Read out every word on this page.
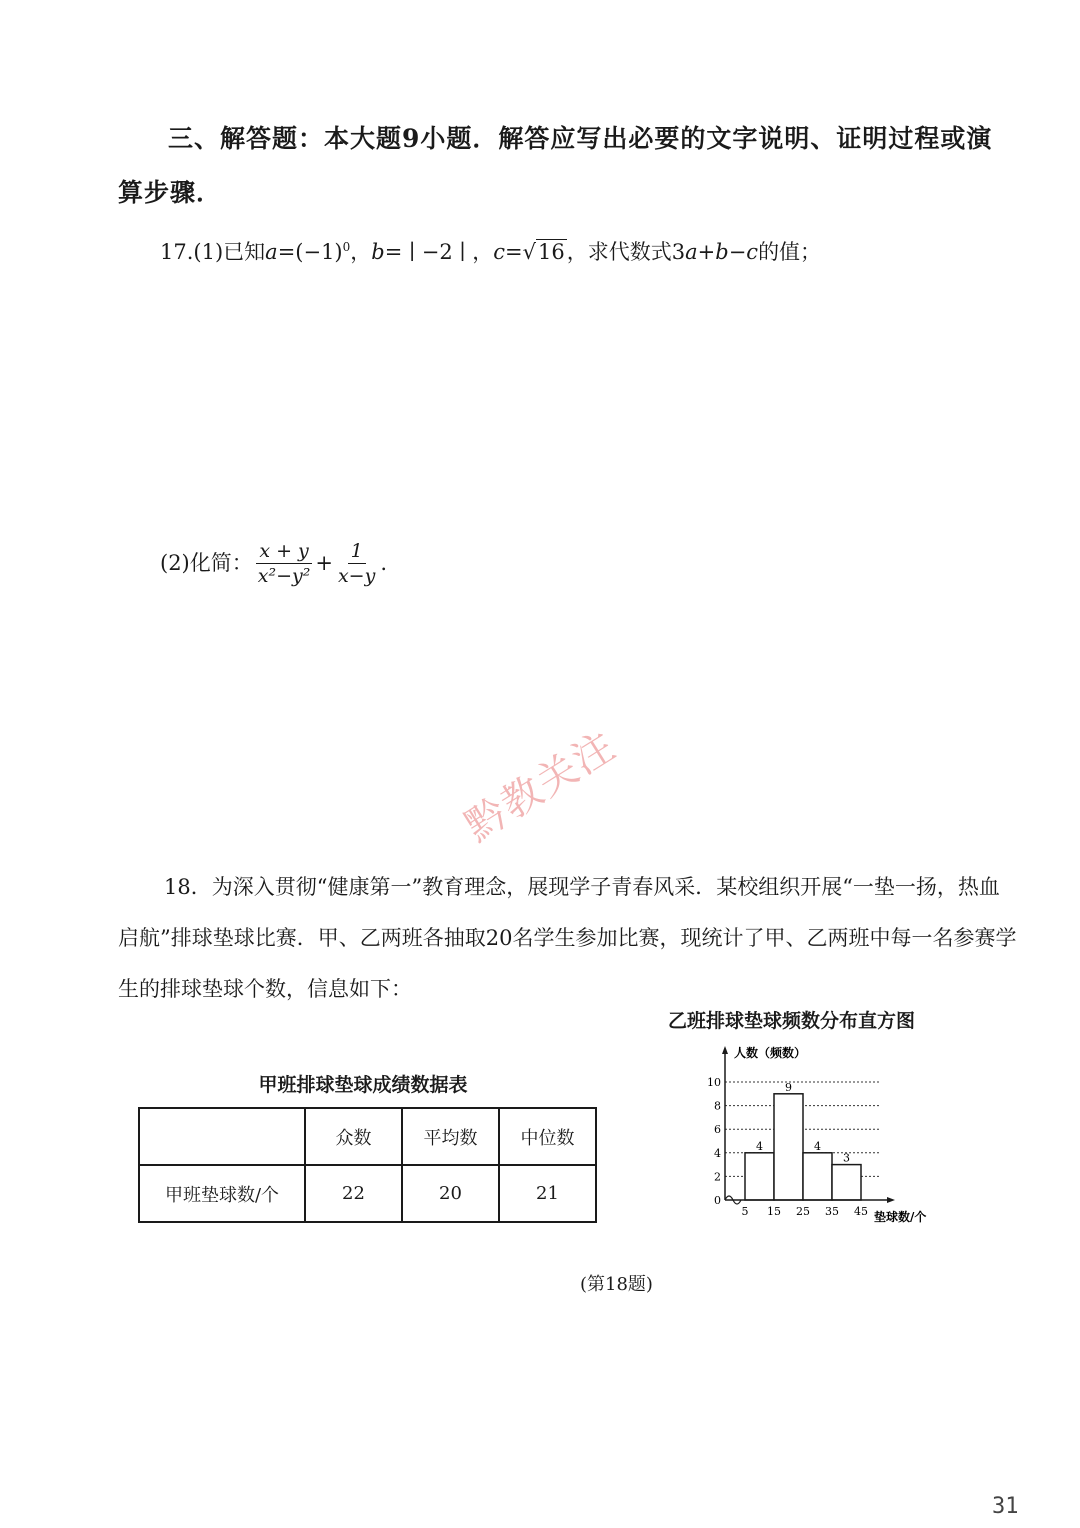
三、解答题：本大题9小题．解答应写出必要的文字说明、证明过程或演算步骤．
17.(1)已知$a=(-1)^0$，b= ∣ −2 ∣ ，c=√16，求代数式3a+b−c的值；
(2)化简： $\frac{x + y}{\text{x²−y²}} + \frac{1}{x-y}$ .
黔教关注
18．为深入贯彻“健康第一”教育理念，展现学子青春风采．某校组织开展“一垫一扬，热血启航”排球垫球比赛．甲、乙两班各抽取20名学生参加比赛，现统计了甲、乙两班中每一名参赛学生的排球垫球个数，信息如下：
乙班排球垫球频数分布直方图
甲班排球垫球成绩数据表
	众数	平均数	中位数
甲班垫球数/个	22	20	21
4
9
4
3
0
2
4
6
8
10
5 15 25 35 45
人数（频数）
垫球数/个
(第18题)
31
